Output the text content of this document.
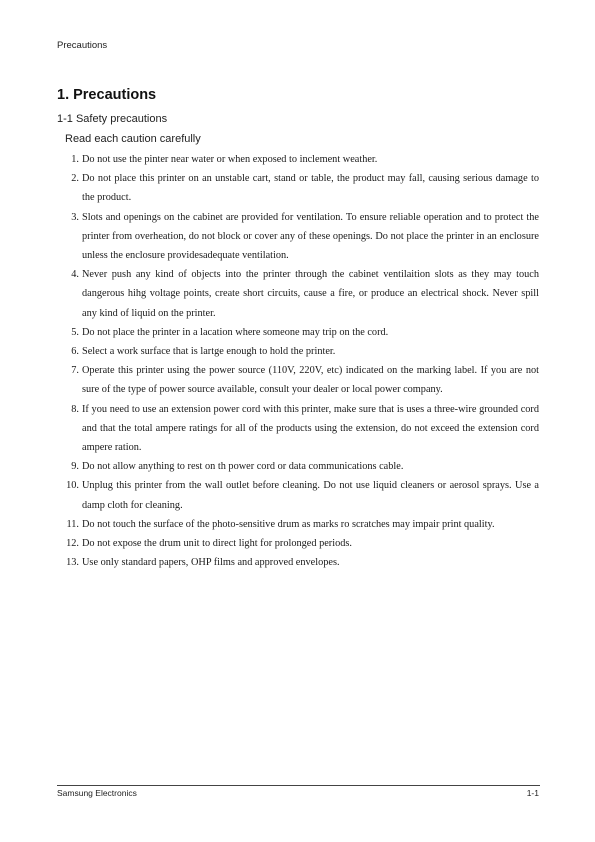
Precautions
1. Precautions
1-1 Safety precautions
Read each caution carefully
1. Do not use the pinter near water or when exposed to inclement weather.
2. Do not place this printer on an unstable cart, stand or table, the product may fall, causing serious damage to the product.
3. Slots and openings on the cabinet are provided for ventilation. To ensure reliable operation and to protect the printer from overheation, do not block or cover any of these openings. Do not place the printer in an enclosure unless the enclosure providesadequate ventilation.
4. Never push any kind of objects into the printer through the cabinet ventilaition slots as they may touch dangerous hihg voltage points, create short circuits, cause a fire, or produce an electrical shock. Never spill any kind of liquid on the printer.
5. Do not place the printer in a lacation where someone may trip on the cord.
6. Select a work surface that is lartge enough to hold the printer.
7. Operate this printer using the power source (110V, 220V, etc) indicated on the marking label. If you are not sure of the type of power source available, consult your dealer or local power company.
8. If you need to use an extension power cord with this printer, make sure that is uses a three-wire grounded cord and that the total ampere ratings for all of the products using the extension, do not exceed the extension cord ampere ration.
9. Do not allow anything to rest on th power cord or data communications cable.
10. Unplug this printer from the wall outlet before cleaning. Do not use liquid cleaners or aerosol sprays. Use a damp cloth for cleaning.
11. Do not touch the surface of the photo-sensitive drum as marks ro scratches may impair print quality.
12. Do not expose the drum unit to direct light for prolonged periods.
13. Use only standard papers, OHP films and approved envelopes.
Samsung Electronics	1-1
